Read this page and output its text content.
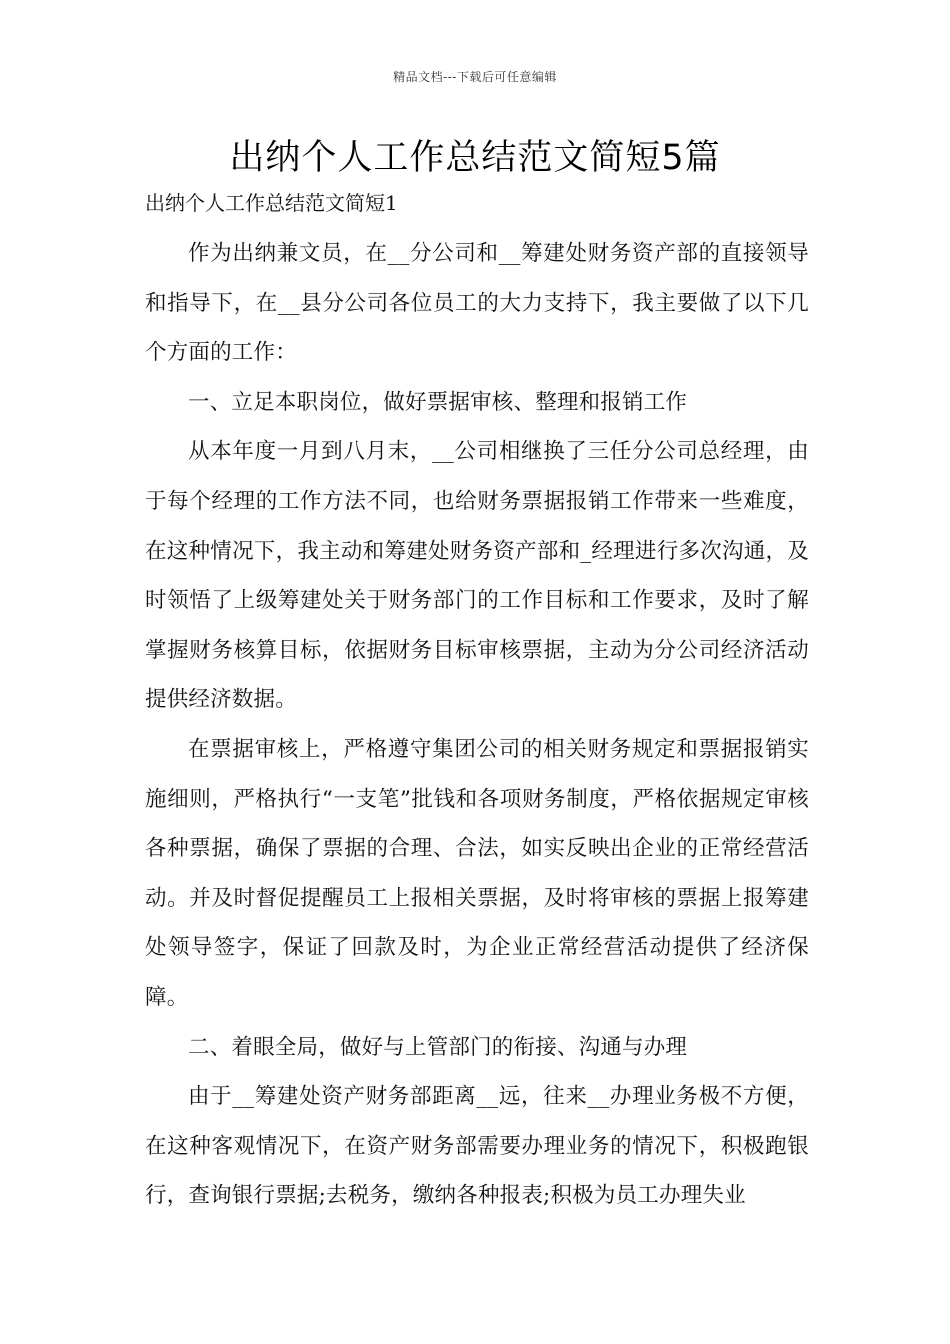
精品文档---下载后可任意编辑
出纳个人工作总结范文简短5篇
出纳个人工作总结范文简短1

作为出纳兼文员，在__分公司和__筹建处财务资产部的直接领导和指导下，在__县分公司各位员工的大力支持下，我主要做了以下几个方面的工作：

一、立足本职岗位，做好票据审核、整理和报销工作

从本年度一月到八月末，__公司相继换了三任分公司总经理，由于每个经理的工作方法不同，也给财务票据报销工作带来一些难度，在这种情况下，我主动和筹建处财务资产部和_经理进行多次沟通，及时领悟了上级筹建处关于财务部门的工作目标和工作要求，及时了解掌握财务核算目标，依据财务目标审核票据，主动为分公司经济活动提供经济数据。

在票据审核上，严格遵守集团公司的相关财务规定和票据报销实施细则，严格执行“一支笔”批钱和各项财务制度，严格依据规定审核各种票据，确保了票据的合理、合法，如实反映出企业的正常经营活动。并及时督促提醒员工上报相关票据，及时将审核的票据上报筹建处领导签字，保证了回款及时，为企业正常经营活动提供了经济保障。

二、着眼全局，做好与上管部门的衔接、沟通与办理

由于__筹建处资产财务部距离__远，往来__办理业务极不方便，在这种客观情况下，在资产财务部需要办理业务的情况下，积极跑银行，查询银行票据;去税务，缴纳各种报表;积极为员工办理失业
